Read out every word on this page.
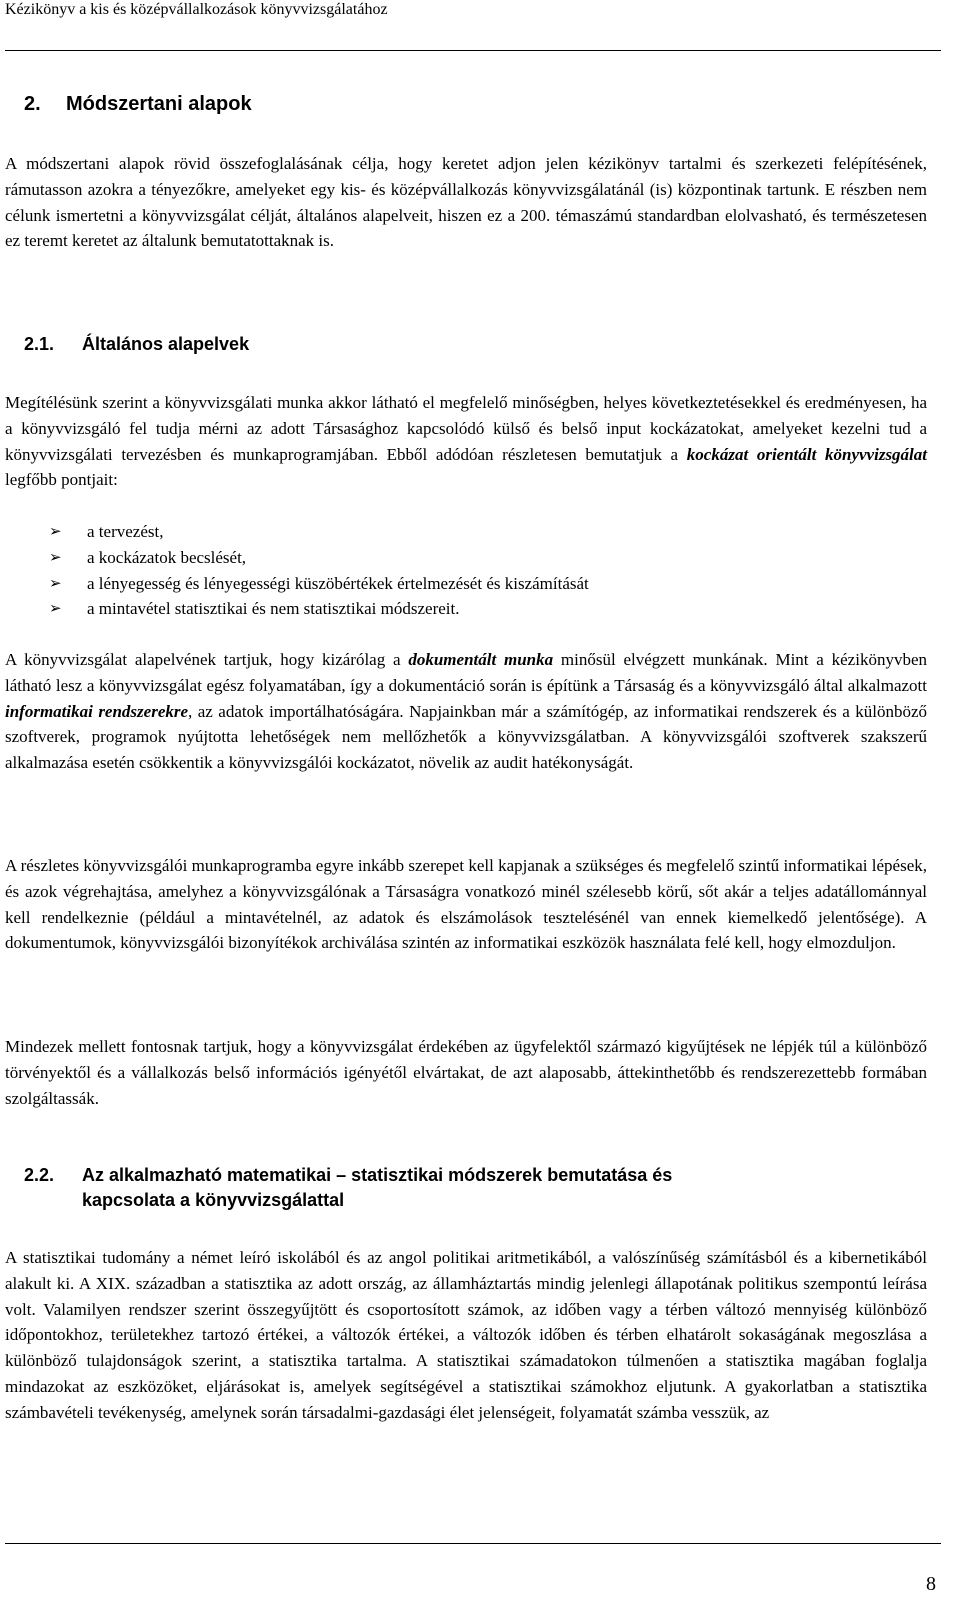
Kézikönyv a kis és középvállalkozások könyvvizsgálatához
2. Módszertani alapok
A módszertani alapok rövid összefoglalásának célja, hogy keretet adjon jelen kézikönyv tartalmi és szerkezeti felépítésének, rámutasson azokra a tényezőkre, amelyeket egy kis- és középvállalkozás könyvvizsgálatánál (is) központinak tartunk. E részben nem célunk ismertetni a könyvvizsgálat célját, általános alapelveit, hiszen ez a 200. témaszámú standardban elolvasható, és természetesen ez teremt keretet az általunk bemutatottaknak is.
2.1. Általános alapelvek
Megítélésünk szerint a könyvvizsgálati munka akkor látható el megfelelő minőségben, helyes következtetésekkel és eredményesen, ha a könyvvizsgáló fel tudja mérni az adott Társasághoz kapcsolódó külső és belső input kockázatokat, amelyeket kezelni tud a könyvvizsgálati tervezésben és munkaprogramjában. Ebből adódóan részletesen bemutatjuk a kockázat orientált könyvvizsgálat legfőbb pontjait:
➢ a tervezést,
➢ a kockázatok becslését,
➢ a lényegesség és lényegességi küszöbértékek értelmezését és kiszámítását
➢ a mintavétel statisztikai és nem statisztikai módszereit.
A könyvvizsgálat alapelvének tartjuk, hogy kizárólag a dokumentált munka minősül elvégzett munkának. Mint a kézikönyvben látható lesz a könyvvizsgálat egész folyamatában, így a dokumentáció során is építünk a Társaság és a könyvvizsgáló által alkalmazott informatikai rendszerekre, az adatok importálhatóságára. Napjainkban már a számítógép, az informatikai rendszerek és a különböző szoftverek, programok nyújtotta lehetőségek nem mellőzhetők a könyvvizsgálatban. A könyvvizsgálói szoftverek szakszerű alkalmazása esetén csökkentik a könyvvizsgálói kockázatot, növelik az audit hatékonyságát.
A részletes könyvvizsgálói munkaprogramba egyre inkább szerepet kell kapjanak a szükséges és megfelelő szintű informatikai lépések, és azok végrehajtása, amelyhez a könyvvizsgálónak a Társaságra vonatkozó minél szélesebb körű, sőt akár a teljes adatállománnyal kell rendelkeznie (például a mintavételnél, az adatok és elszámolások tesztelésénél van ennek kiemelkedő jelentősége). A dokumentumok, könyvvizsgálói bizonyítékok archiválása szintén az informatikai eszközök használata felé kell, hogy elmozduljon.
Mindezek mellett fontosnak tartjuk, hogy a könyvvizsgálat érdekében az ügyfelektől származó kigyűjtések ne lépjék túl a különböző törvényektől és a vállalkozás belső információs igényétől elvártakat, de azt alaposabb, áttekinthetőbb és rendszerezettebb formában szolgáltassák.
2.2. Az alkalmazható matematikai – statisztikai módszerek bemutatása és
kapcsolata a könyvvizsgálattal
A statisztikai tudomány a német leíró iskolából és az angol politikai aritmetikából, a valószínűség számításból és a kibernetikából alakult ki. A XIX. században a statisztika az adott ország, az államháztartás mindig jelenlegi állapotának politikus szempontú leírása volt. Valamilyen rendszer szerint összegyűjtött és csoportosított számok, az időben vagy a térben változó mennyiség különböző időpontokhoz, területekhez tartozó értékei, a változók értékei, a változók időben és térben elhatárolt sokaságának megoszlása a különböző tulajdonságok szerint, a statisztika tartalma. A statisztikai számadatokon túlmenően a statisztika magában foglalja mindazokat az eszközöket, eljárásokat is, amelyek segítségével a statisztikai számokhoz eljutunk. A gyakorlatban a statisztika számbavételi tevékenység, amelynek során társadalmi-gazdasági élet jelenségeit, folyamatát számba vesszük, az
8
